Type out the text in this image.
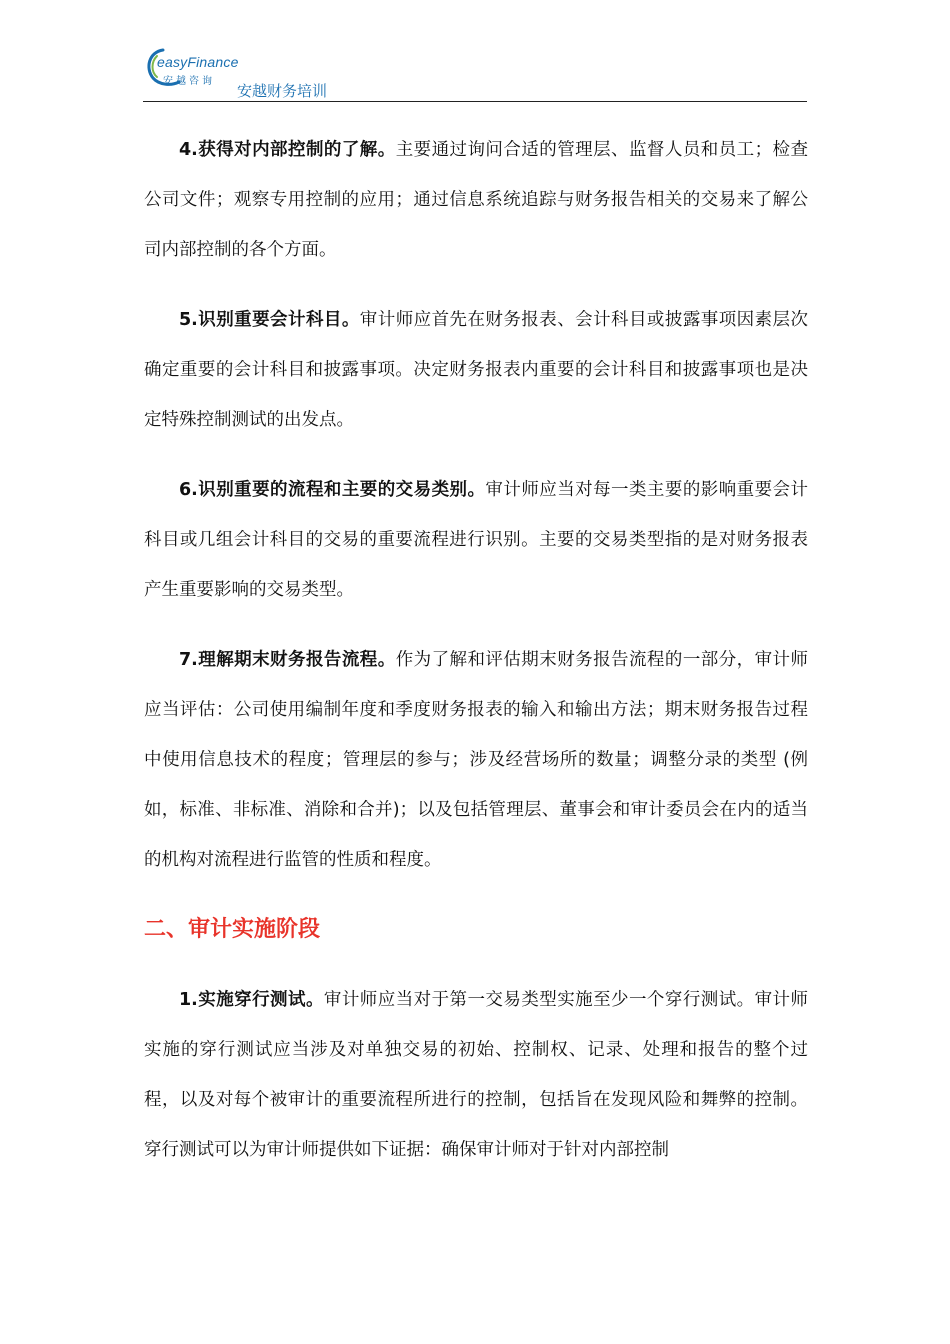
easyFinance
安越咨询
安越财务培训

4.获得对内部控制的了解。主要通过询问合适的管理层、监督人员和员工；检查公司文件；观察专用控制的应用；通过信息系统追踪与财务报告相关的交易来了解公司内部控制的各个方面。

5.识别重要会计科目。审计师应首先在财务报表、会计科目或披露事项因素层次确定重要的会计科目和披露事项。决定财务报表内重要的会计科目和披露事项也是决定特殊控制测试的出发点。

6.识别重要的流程和主要的交易类别。审计师应当对每一类主要的影响重要会计科目或几组会计科目的交易的重要流程进行识别。主要的交易类型指的是对财务报表产生重要影响的交易类型。

7.理解期末财务报告流程。作为了解和评估期末财务报告流程的一部分，审计师应当评估：公司使用编制年度和季度财务报表的输入和输出方法；期末财务报告过程中使用信息技术的程度；管理层的参与；涉及经营场所的数量；调整分录的类型 (例如，标准、非标准、消除和合并)；以及包括管理层、董事会和审计委员会在内的适当的机构对流程进行监管的性质和程度。

二、审计实施阶段

1.实施穿行测试。审计师应当对于第一交易类型实施至少一个穿行测试。审计师实施的穿行测试应当涉及对单独交易的初始、控制权、记录、处理和报告的整个过程，以及对每个被审计的重要流程所进行的控制，包括旨在发现风险和舞弊的控制。穿行测试可以为审计师提供如下证据：确保审计师对于针对内部控制
